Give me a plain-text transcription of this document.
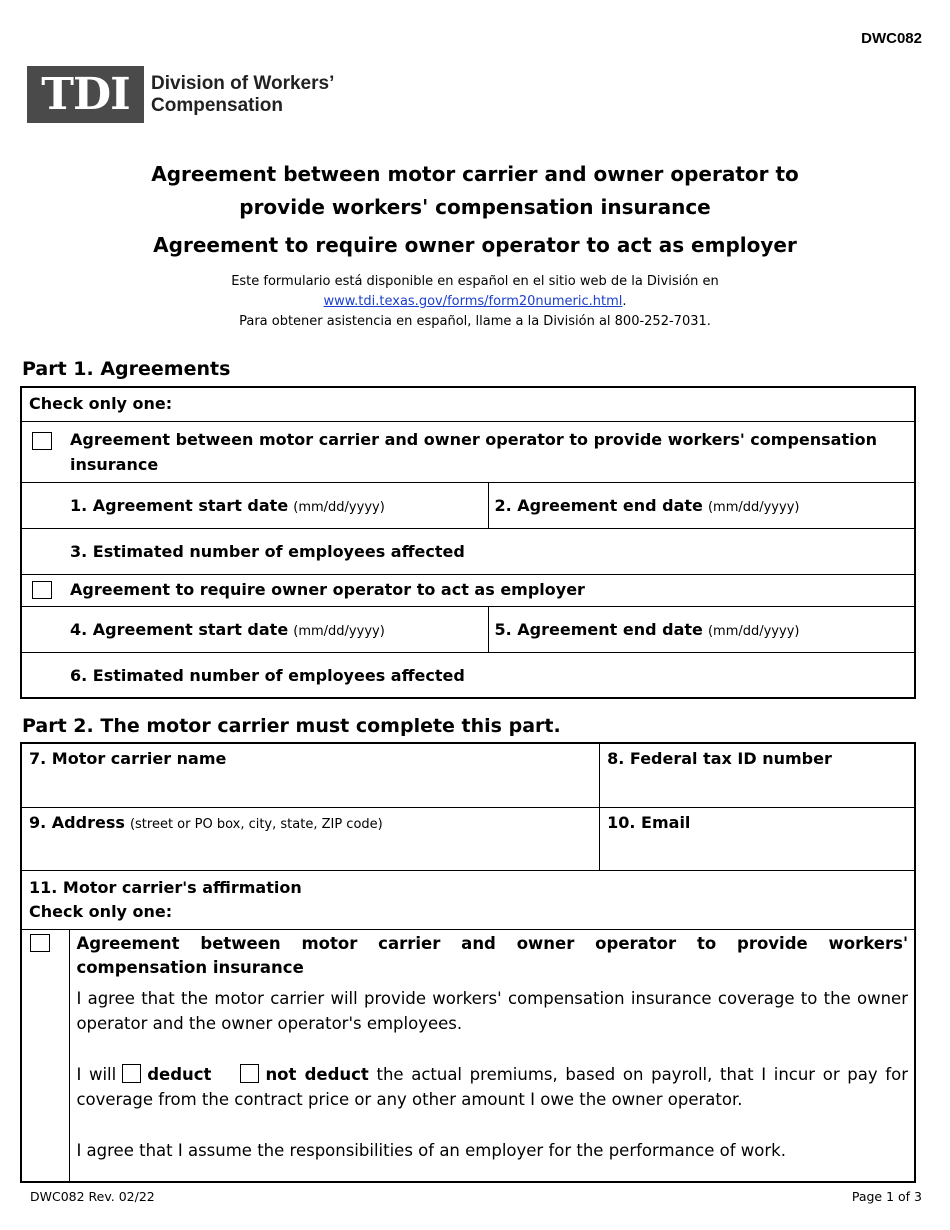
DWC082
TDI	Division of Workers’
Compensation
Agreement between motor carrier and owner operator to
provide workers' compensation insurance
Agreement to require owner operator to act as employer
Este formulario está disponible en español en el sitio web de la División en
www.tdi.texas.gov/forms/form20numeric.html.
Para obtener asistencia en español, llame a la División al 800-252-7031.
Part 1. Agreements
Check only one:	

Agreement between motor carrier and owner operator to provide workers' compensation insurance	
1. Agreement start date (mm/dd/yyyy)	2. Agreement end date (mm/dd/yyyy)
3. Estimated number of employees affected	

Agreement to require owner operator to act as employer	
4. Agreement start date (mm/dd/yyyy)	5. Agreement end date (mm/dd/yyyy)
6. Estimated number of employees affected	
Part 2. The motor carrier must complete this part.
7. Motor carrier name		8. Federal tax ID number
9. Address (street or PO box, city, state, ZIP code)		10. Email

11. Motor carrier's affirmation
Check only one:		

	Agreement between motor carrier and owner operator to provide workers' compensation insurance

I agree that the motor carrier will provide workers' compensation insurance coverage to the owner operator and the owner operator's employees.

I will deduct not deduct the actual premiums, based on payroll, that I incur or pay for coverage from the contract price or any other amount I owe the owner operator.

I agree that I assume the responsibilities of an employer for the performance of work.	

DWC082 Rev. 02/22	Page 1 of 3
